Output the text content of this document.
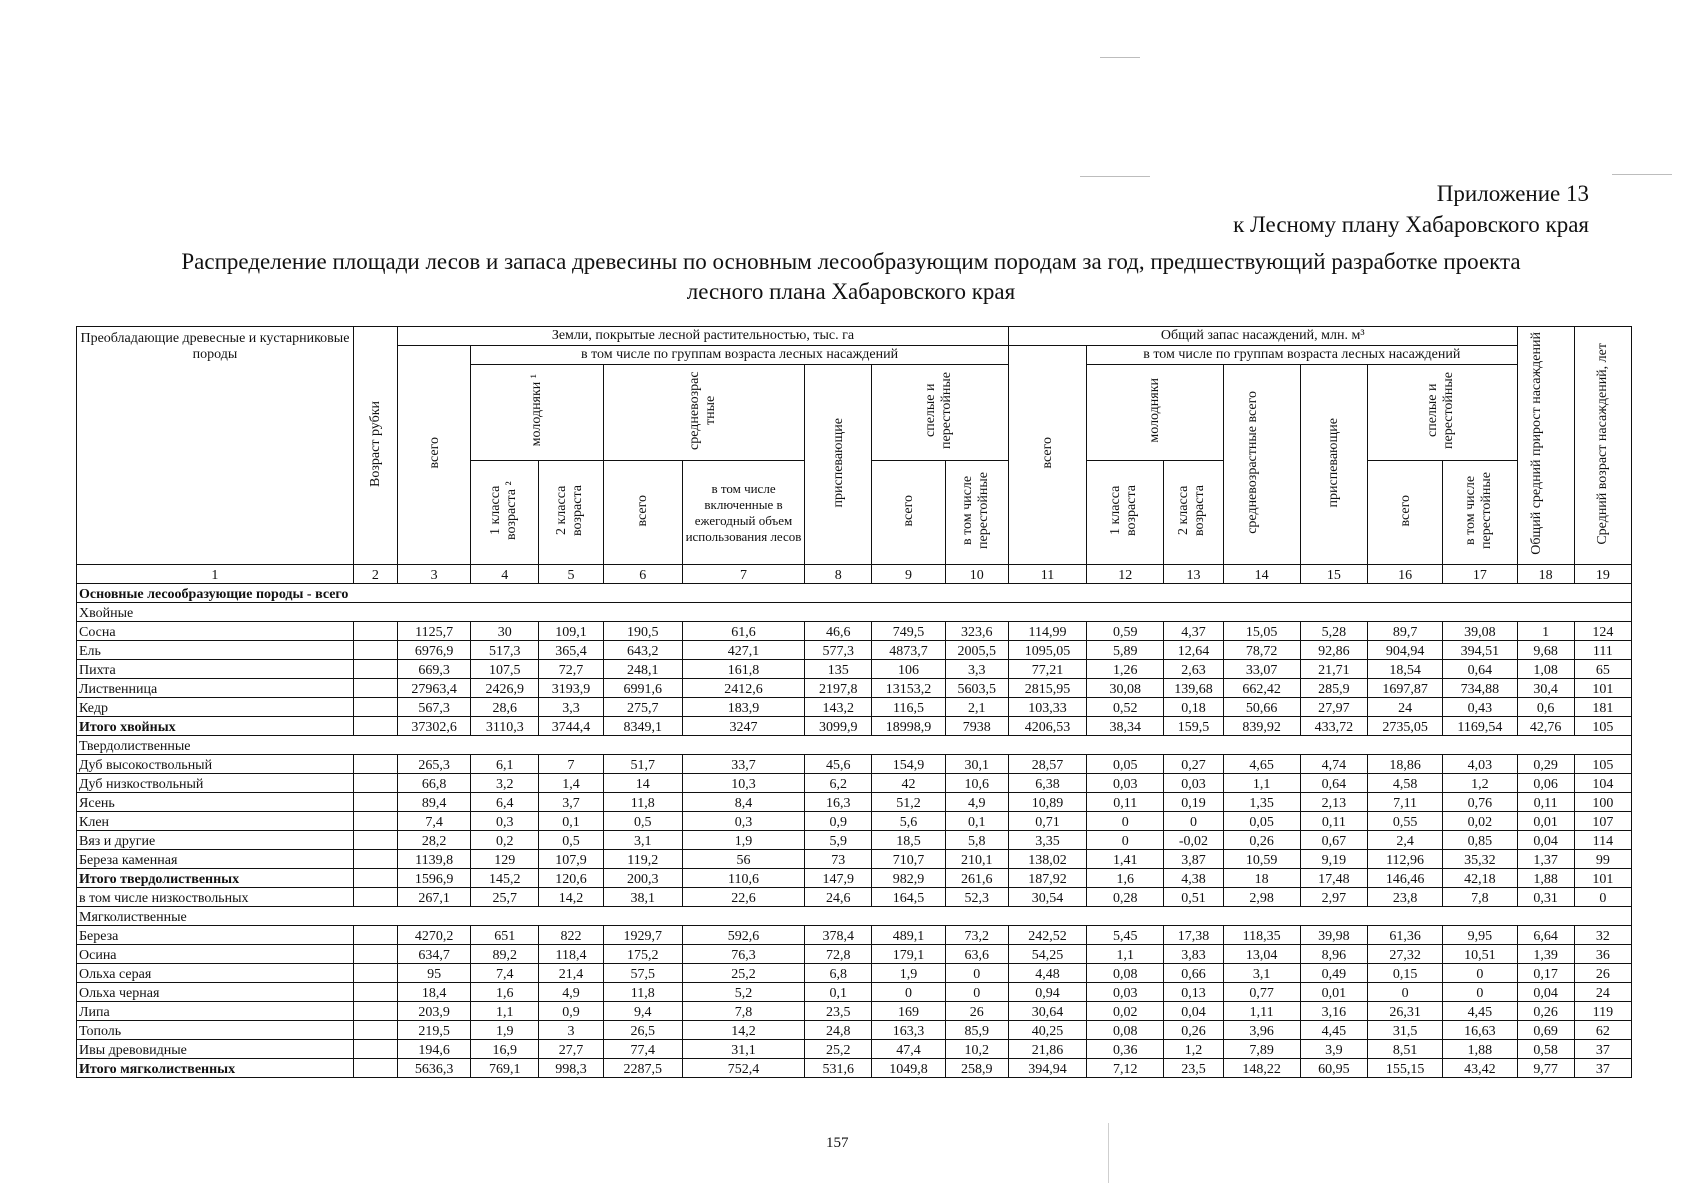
Приложение 13
к Лесному плану Хабаровского края
Распределение площади лесов и запаса древесины по основным лесообразующим породам за год, предшествующий разработке проекта
лесного плана Хабаровского края
Преобладающие древесные и кустарниковые породы	Возраст рубки	Земли, покрытые лесной растительностью, тыс. га								Общий запас насаждений, млн. м³							Общий средний прирост насаждений	Средний возраст насаждений, лет
		всего	в том числе по группам возраста лесных насаждений							всего	в том числе по группам возраста лесных насаждений							
			молодняки ¹		средневозрас тные		приспевающие	спелые и перестойные			молодняки		средневозрастные всего	приспевающие	спелые и перестойные			
			1 класса возраста ²	2 класса возраста	всего	в том числе включенные в ежегодный объем использования лесов		всего	в том числе перестойные		1 класса возраста	2 класса возраста			всего	в том числе перестойные		
1	2	3	4	5	6	7	8	9	10	11	12	13	14	15	16	17	18	19
Основные лесообразующие породы - всего																		
Хвойные																		
Сосна		1125,7	30	109,1	190,5	61,6	46,6	749,5	323,6	114,99	0,59	4,37	15,05	5,28	89,7	39,08	1	124
Ель		6976,9	517,3	365,4	643,2	427,1	577,3	4873,7	2005,5	1095,05	5,89	12,64	78,72	92,86	904,94	394,51	9,68	111
Пихта		669,3	107,5	72,7	248,1	161,8	135	106	3,3	77,21	1,26	2,63	33,07	21,71	18,54	0,64	1,08	65
Лиственница		27963,4	2426,9	3193,9	6991,6	2412,6	2197,8	13153,2	5603,5	2815,95	30,08	139,68	662,42	285,9	1697,87	734,88	30,4	101
Кедр		567,3	28,6	3,3	275,7	183,9	143,2	116,5	2,1	103,33	0,52	0,18	50,66	27,97	24	0,43	0,6	181
Итого хвойных		37302,6	3110,3	3744,4	8349,1	3247	3099,9	18998,9	7938	4206,53	38,34	159,5	839,92	433,72	2735,05	1169,54	42,76	105
Твердолиственные																		
Дуб высокоствольный		265,3	6,1	7	51,7	33,7	45,6	154,9	30,1	28,57	0,05	0,27	4,65	4,74	18,86	4,03	0,29	105
Дуб низкоствольный		66,8	3,2	1,4	14	10,3	6,2	42	10,6	6,38	0,03	0,03	1,1	0,64	4,58	1,2	0,06	104
Ясень		89,4	6,4	3,7	11,8	8,4	16,3	51,2	4,9	10,89	0,11	0,19	1,35	2,13	7,11	0,76	0,11	100
Клен		7,4	0,3	0,1	0,5	0,3	0,9	5,6	0,1	0,71	0	0	0,05	0,11	0,55	0,02	0,01	107
Вяз и другие		28,2	0,2	0,5	3,1	1,9	5,9	18,5	5,8	3,35	0	-0,02	0,26	0,67	2,4	0,85	0,04	114
Береза каменная		1139,8	129	107,9	119,2	56	73	710,7	210,1	138,02	1,41	3,87	10,59	9,19	112,96	35,32	1,37	99
Итого твердолиственных		1596,9	145,2	120,6	200,3	110,6	147,9	982,9	261,6	187,92	1,6	4,38	18	17,48	146,46	42,18	1,88	101
в том числе низкоствольных		267,1	25,7	14,2	38,1	22,6	24,6	164,5	52,3	30,54	0,28	0,51	2,98	2,97	23,8	7,8	0,31	0
Мягколиственные																		
Береза		4270,2	651	822	1929,7	592,6	378,4	489,1	73,2	242,52	5,45	17,38	118,35	39,98	61,36	9,95	6,64	32
Осина		634,7	89,2	118,4	175,2	76,3	72,8	179,1	63,6	54,25	1,1	3,83	13,04	8,96	27,32	10,51	1,39	36
Ольха серая		95	7,4	21,4	57,5	25,2	6,8	1,9	0	4,48	0,08	0,66	3,1	0,49	0,15	0	0,17	26
Ольха черная		18,4	1,6	4,9	11,8	5,2	0,1	0	0	0,94	0,03	0,13	0,77	0,01	0	0	0,04	24
Липа		203,9	1,1	0,9	9,4	7,8	23,5	169	26	30,64	0,02	0,04	1,11	3,16	26,31	4,45	0,26	119
Тополь		219,5	1,9	3	26,5	14,2	24,8	163,3	85,9	40,25	0,08	0,26	3,96	4,45	31,5	16,63	0,69	62
Ивы древовидные		194,6	16,9	27,7	77,4	31,1	25,2	47,4	10,2	21,86	0,36	1,2	7,89	3,9	8,51	1,88	0,58	37
Итого мягколиственных		5636,3	769,1	998,3	2287,5	752,4	531,6	1049,8	258,9	394,94	7,12	23,5	148,22	60,95	155,15	43,42	9,77	37
157
